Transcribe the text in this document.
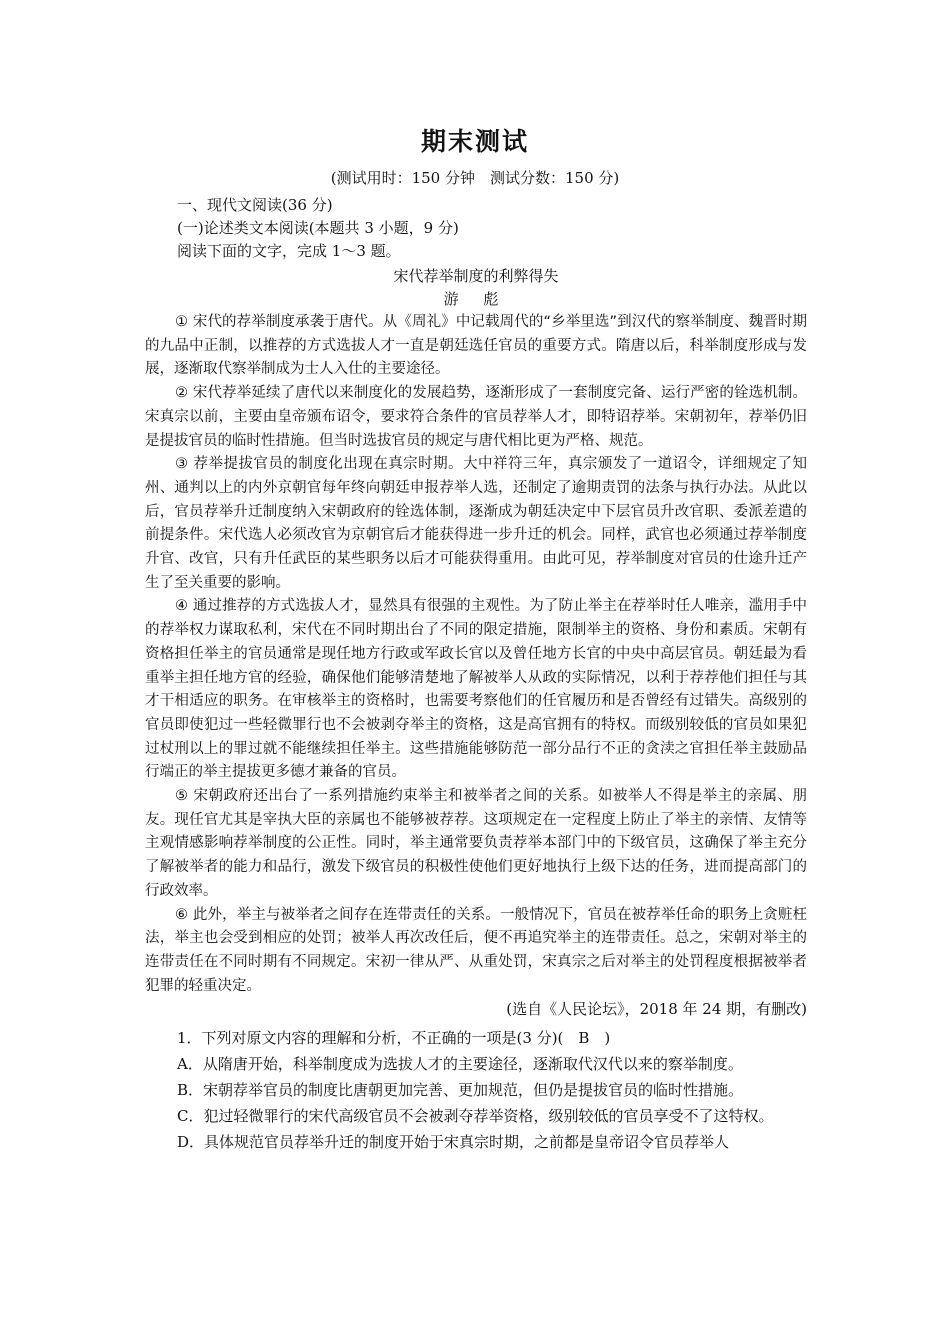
期末测试
(测试用时：150 分钟　测试分数：150 分)

一、现代文阅读(36 分)

(一)论述类文本阅读(本题共 3 小题，9 分)

阅读下面的文字，完成 1～3 题。

宋代荐举制度的利弊得失

游 彪

① 宋代的荐举制度承袭于唐代。从《周礼》中记载周代的“乡举里选”到汉代的察举制度、魏晋时期的九品中正制，以推荐的方式选拔人才一直是朝廷选任官员的重要方式。隋唐以后，科举制度形成与发展，逐渐取代察举制成为士人入仕的主要途径。

② 宋代荐举延续了唐代以来制度化的发展趋势，逐渐形成了一套制度完备、运行严密的铨选机制。宋真宗以前，主要由皇帝颁布诏令，要求符合条件的官员荐举人才，即特诏荐举。宋朝初年，荐举仍旧是提拔官员的临时性措施。但当时选拔官员的规定与唐代相比更为严格、规范。

③ 荐举提拔官员的制度化出现在真宗时期。大中祥符三年，真宗颁发了一道诏令，详细规定了知州、通判以上的内外京朝官每年终向朝廷申报荐举人选，还制定了逾期责罚的法条与执行办法。从此以后，官员荐举升迁制度纳入宋朝政府的铨选体制，逐渐成为朝廷决定中下层官员升改官职、委派差遣的前提条件。宋代选人必须改官为京朝官后才能获得进一步升迁的机会。同样，武官也必须通过荐举制度升官、改官，只有升任武臣的某些职务以后才可能获得重用。由此可见，荐举制度对官员的仕途升迁产生了至关重要的影响。

④ 通过推荐的方式选拔人才，显然具有很强的主观性。为了防止举主在荐举时任人唯亲，滥用手中的荐举权力谋取私利，宋代在不同时期出台了不同的限定措施，限制举主的资格、身份和素质。宋朝有资格担任举主的官员通常是现任地方行政或军政长官以及曾任地方长官的中央中高层官员。朝廷最为看重举主担任地方官的经验，确保他们能够清楚地了解被举人从政的实际情况，以利于荐荐他们担任与其才干相适应的职务。在审核举主的资格时，也需要考察他们的任官履历和是否曾经有过错失。高级别的官员即使犯过一些轻微罪行也不会被剥夺举主的资格，这是高官拥有的特权。而级别较低的官员如果犯过杖刑以上的罪过就不能继续担任举主。这些措施能够防范一部分品行不正的贪渎之官担任举主鼓励品行端正的举主提拔更多德才兼备的官员。

⑤ 宋朝政府还出台了一系列措施约束举主和被举者之间的关系。如被举人不得是举主的亲属、朋友。现任官尤其是宰执大臣的亲属也不能够被荐荐。这项规定在一定程度上防止了举主的亲情、友情等主观情感影响荐举制度的公正性。同时，举主通常要负责荐举本部门中的下级官员，这确保了举主充分了解被举者的能力和品行，激发下级官员的积极性使他们更好地执行上级下达的任务，进而提高部门的行政效率。

⑥ 此外，举主与被举者之间存在连带责任的关系。一般情况下，官员在被荐举任命的职务上贪赃枉法，举主也会受到相应的处罚；被举人再次改任后，便不再追究举主的连带责任。总之，宋朝对举主的连带责任在不同时期有不同规定。宋初一律从严、从重处罚，宋真宗之后对举主的处罚程度根据被举者犯罪的轻重决定。

(选自《人民论坛》，2018 年 24 期，有删改)

1．下列对原文内容的理解和分析，不正确的一项是(3 分)(　B　)

A．从隋唐开始，科举制度成为选拔人才的主要途径，逐渐取代汉代以来的察举制度。

B．宋朝荐举官员的制度比唐朝更加完善、更加规范，但仍是提拔官员的临时性措施。

C．犯过轻微罪行的宋代高级官员不会被剥夺荐举资格，级别较低的官员享受不了这特权。

D．具体规范官员荐举升迁的制度开始于宋真宗时期，之前都是皇帝诏令官员荐举人
